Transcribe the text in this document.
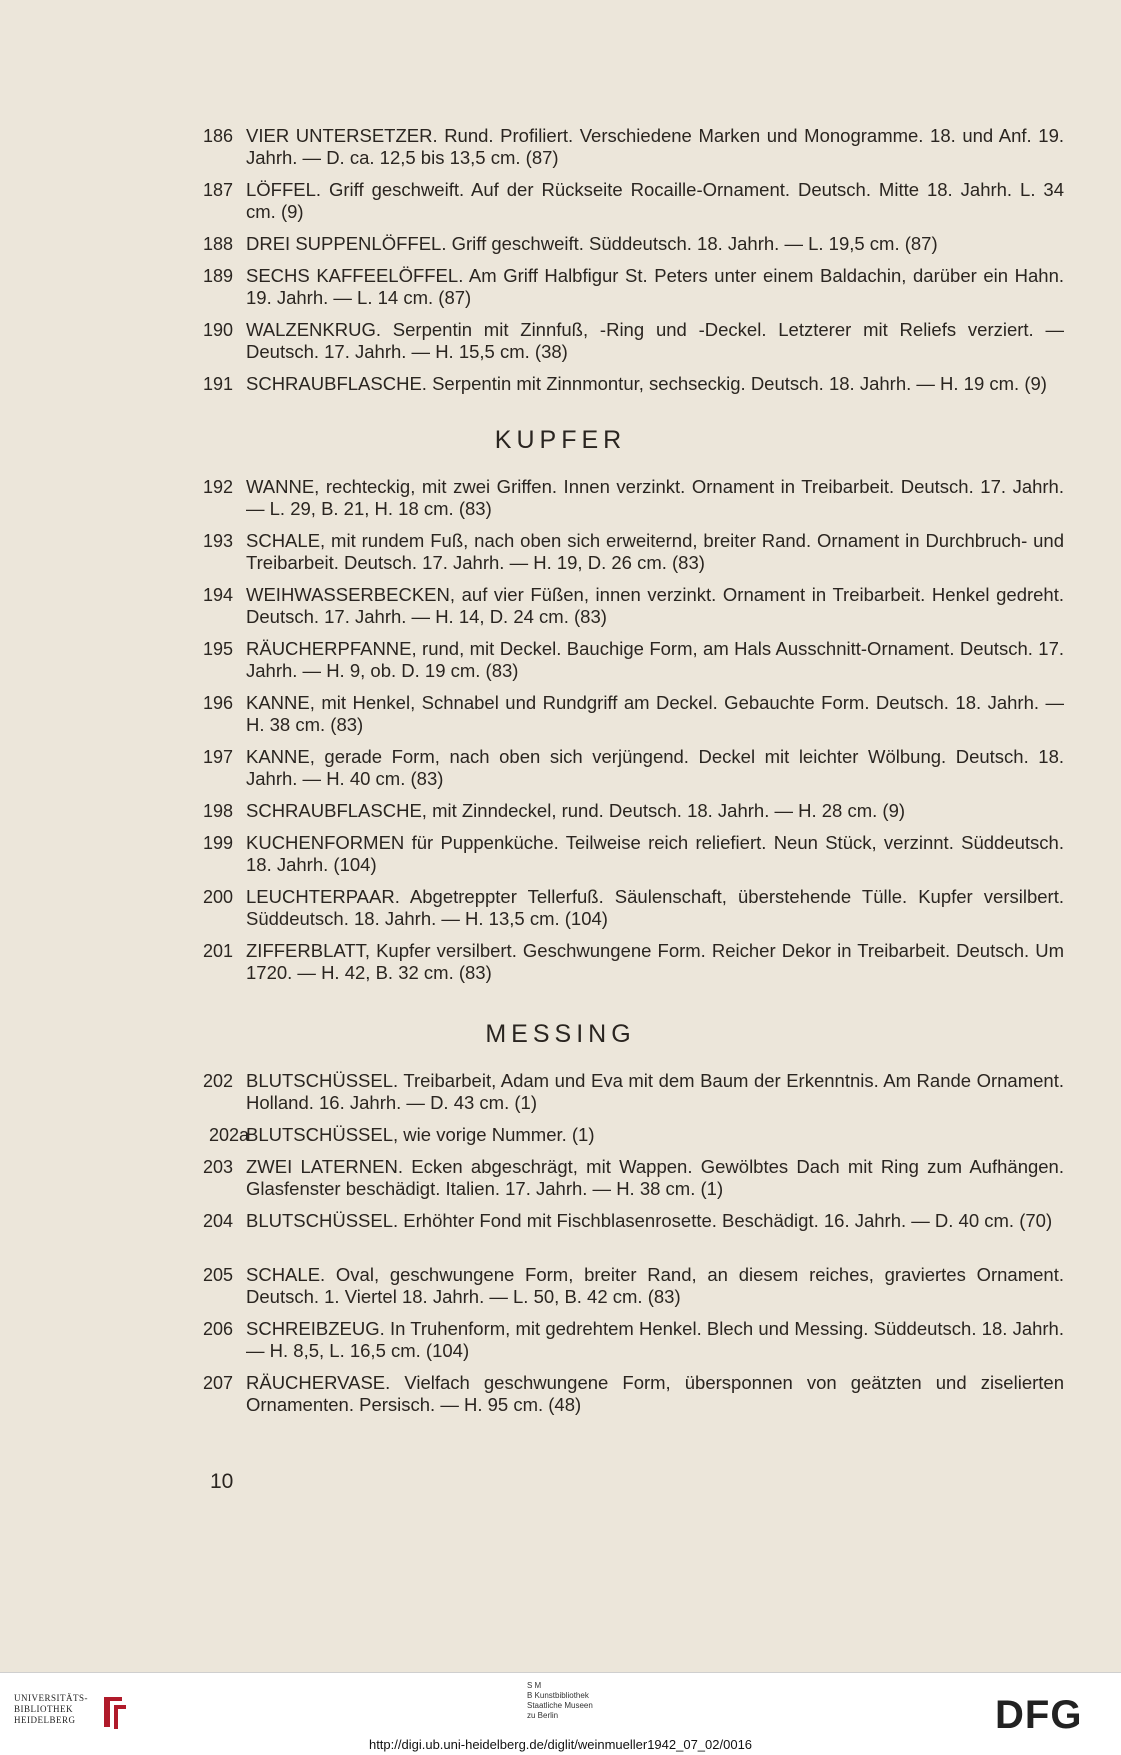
186 VIER UNTERSETZER. Rund. Profiliert. Verschiedene Marken und Monogramme. 18. und Anf. 19. Jahrh. — D. ca. 12,5 bis 13,5 cm. (87)
187 LÖFFEL. Griff geschweift. Auf der Rückseite Rocaille-Ornament. Deutsch. Mitte 18. Jahrh. L. 34 cm. (9)
188 DREI SUPPENLÖFFEL. Griff geschweift. Süddeutsch. 18. Jahrh. — L. 19,5 cm. (87)
189 SECHS KAFFEELÖFFEL. Am Griff Halbfigur St. Peters unter einem Baldachin, darüber ein Hahn. 19. Jahrh. — L. 14 cm. (87)
190 WALZENKRUG. Serpentin mit Zinnfuß, -Ring und -Deckel. Letzterer mit Reliefs verziert. — Deutsch. 17. Jahrh. — H. 15,5 cm. (38)
191 SCHRAUBFLASCHE. Serpentin mit Zinnmontur, sechseckig. Deutsch. 18. Jahrh. — H. 19 cm. (9)
KUPFER
192 WANNE, rechteckig, mit zwei Griffen. Innen verzinkt. Ornament in Treibarbeit. Deutsch. 17. Jahrh. — L. 29, B. 21, H. 18 cm. (83)
193 SCHALE, mit rundem Fuß, nach oben sich erweiternd, breiter Rand. Ornament in Durchbruch- und Treibarbeit. Deutsch. 17. Jahrh. — H. 19, D. 26 cm. (83)
194 WEIHWASSERBECKEN, auf vier Füßen, innen verzinkt. Ornament in Treibarbeit. Henkel gedreht. Deutsch. 17. Jahrh. — H. 14, D. 24 cm. (83)
195 RÄUCHERPFANNE, rund, mit Deckel. Bauchige Form, am Hals Ausschnitt-Ornament. Deutsch. 17. Jahrh. — H. 9, ob. D. 19 cm. (83)
196 KANNE, mit Henkel, Schnabel und Rundgriff am Deckel. Gebauchte Form. Deutsch. 18. Jahrh. — H. 38 cm. (83)
197 KANNE, gerade Form, nach oben sich verjüngend. Deckel mit leichter Wölbung. Deutsch. 18. Jahrh. — H. 40 cm. (83)
198 SCHRAUBFLASCHE, mit Zinndeckel, rund. Deutsch. 18. Jahrh. — H. 28 cm. (9)
199 KUCHENFORMEN für Puppenküche. Teilweise reich reliefiert. Neun Stück, verzinnt. Süddeutsch. 18. Jahrh. (104)
200 LEUCHTERPAAR. Abgetreppter Tellerfuß. Säulenschaft, überstehende Tülle. Kupfer versilbert. Süddeutsch. 18. Jahrh. — H. 13,5 cm. (104)
201 ZIFFERBLATT, Kupfer versilbert. Geschwungene Form. Reicher Dekor in Treibarbeit. Deutsch. Um 1720. — H. 42, B. 32 cm. (83)
MESSING
202 BLUTSCHÜSSEL. Treibarbeit, Adam und Eva mit dem Baum der Erkenntnis. Am Rande Ornament. Holland. 16. Jahrh. — D. 43 cm. (1)
202a
BLUTSCHÜSSEL, wie vorige Nummer. (1)
203 ZWEI LATERNEN. Ecken abgeschrägt, mit Wappen. Gewölbtes Dach mit Ring zum Aufhängen. Glasfenster beschädigt. Italien. 17. Jahrh. — H. 38 cm. (1)
204 BLUTSCHÜSSEL. Erhöhter Fond mit Fischblasenrosette. Beschädigt. 16. Jahrh. — D. 40 cm. (70)
205 SCHALE. Oval, geschwungene Form, breiter Rand, an diesem reiches, graviertes Ornament. Deutsch. 1. Viertel 18. Jahrh. — L. 50, B. 42 cm. (83)
206 SCHREIBZEUG. In Truhenform, mit gedrehtem Henkel. Blech und Messing. Süddeutsch. 18. Jahrh. — H. 8,5, L. 16,5 cm. (104)
207 RÄUCHERVASE. Vielfach geschwungene Form, übersponnen von geätzten und ziselierten Ornamenten. Persisch. — H. 95 cm. (48)
10
UNIVERSITÄTS-
BIBLIOTHEK
HEIDELBERG
S M
B Kunstbibliothek
Staatliche Museen
zu Berlin	DFG
http://digi.ub.uni-heidelberg.de/diglit/weinmueller1942_07_02/0016
